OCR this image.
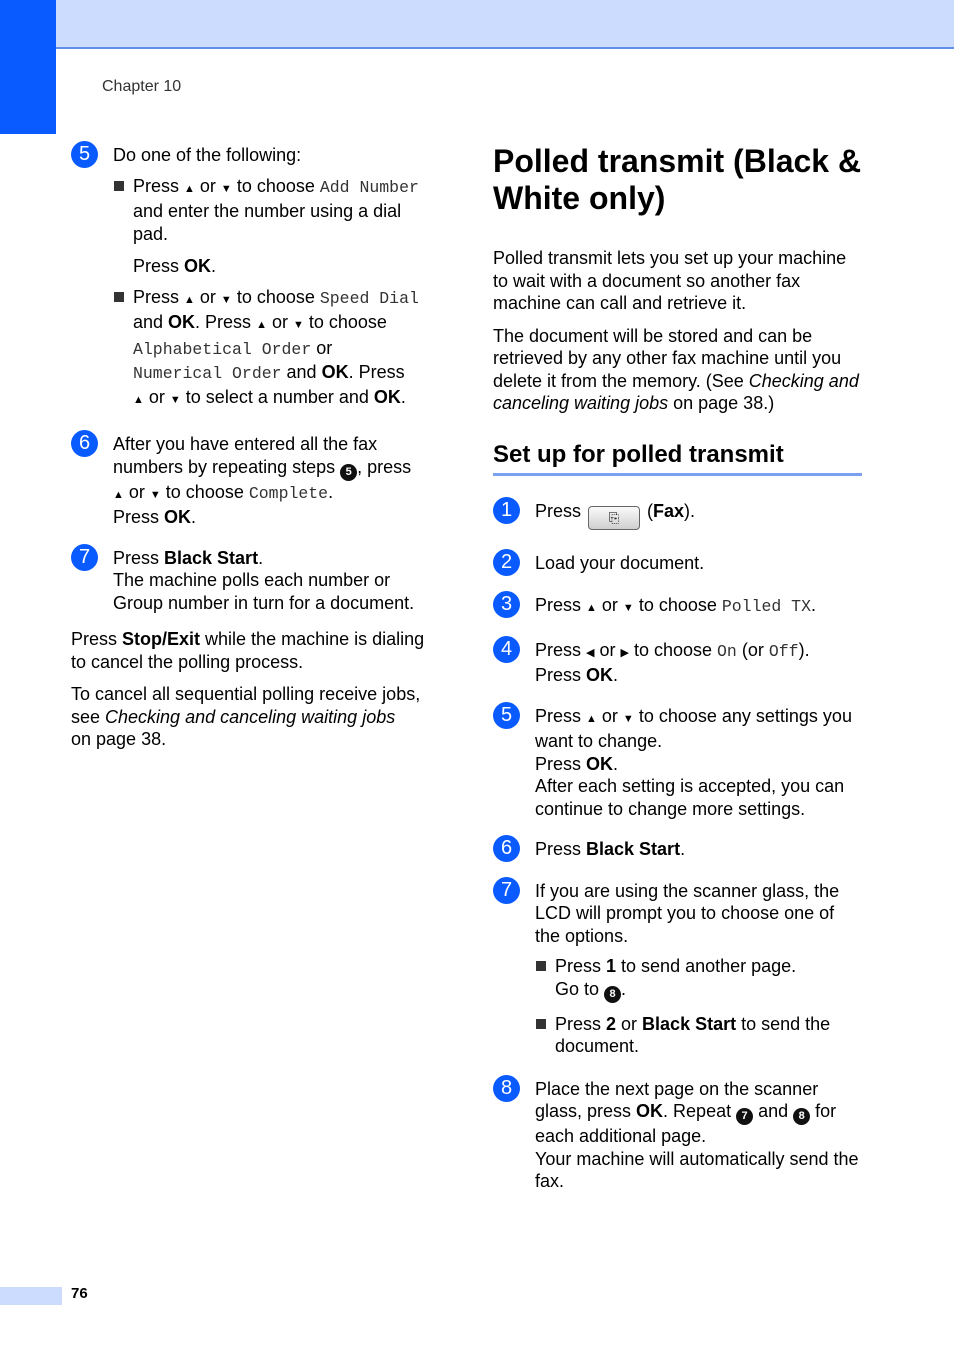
Chapter 10
5	Do one of the following:
Press ▲ or ▼ to choose Add Number
and enter the number using a dial pad.
Press OK.
Press ▲ or ▼ to choose Speed Dial
and OK. Press ▲ or ▼ to choose
Alphabetical Order or
Numerical Order and OK. Press
▲ or ▼ to select a number and OK.
6	After you have entered all the fax numbers by repeating steps 5 , press
▲ or ▼ to choose Complete.
Press OK.
7	Press Black Start.
The machine polls each number or Group number in turn for a document.

Press Stop/Exit while the machine is dialing to cancel the polling process.

To cancel all sequential polling receive jobs, see Checking and canceling waiting jobs
on page 38.

Polled transmit (Black & White only)

Polled transmit lets you set up your machine to wait with a document so another fax machine can call and retrieve it.

The document will be stored and can be retrieved by any other fax machine until you delete it from the memory. (See Checking and canceling waiting jobs on page 38.)

Set up for polled transmit
1	Press ⎘ (Fax).
2	Load your document.
3	Press ▲ or ▼ to choose Polled TX.
4	Press ◀ or ▶ to choose On (or Off).
Press OK.
5	Press ▲ or ▼ to choose any settings you want to change.
Press OK.
After each setting is accepted, you can continue to change more settings.
6	Press Black Start.
7	If you are using the scanner glass, the LCD will prompt you to choose one of the options.
Press 1 to send another page.
Go to 8 .
Press 2 or Black Start to send the document.
8	Place the next page on the scanner glass, press OK. Repeat 7 and 8 for each additional page.
Your machine will automatically send the fax.
76
